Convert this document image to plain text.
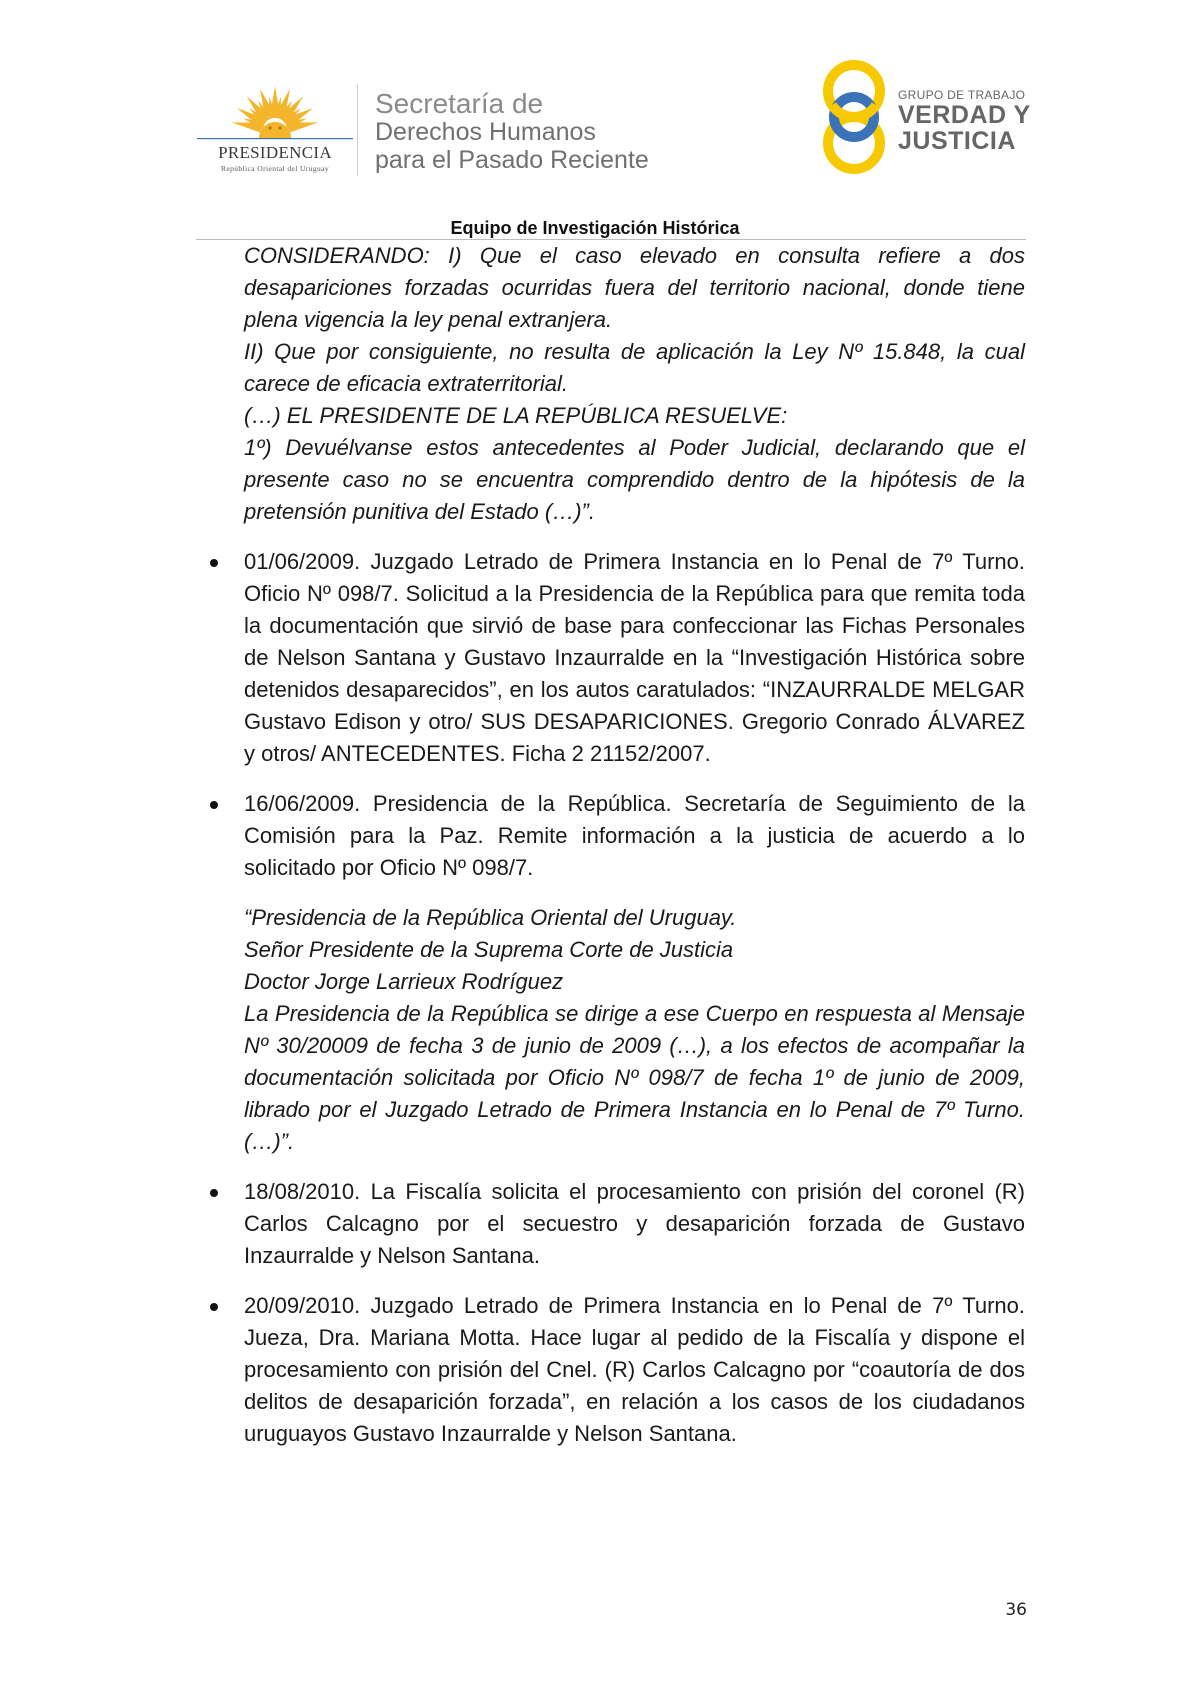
PRESIDENCIA
República Oriental del Uruguay
Secretaría de
Derechos Humanos
para el Pasado Reciente
GRUPO DE TRABAJO
VERDAD Y
JUSTICIA
Equipo de Investigación Histórica

CONSIDERANDO: I) Que el caso elevado en consulta refiere a dos desapariciones forzadas ocurridas fuera del territorio nacional, donde tiene plena vigencia la ley penal extranjera.

II) Que por consiguiente, no resulta de aplicación la Ley Nº 15.848, la cual carece de eficacia extraterritorial.

(…) EL PRESIDENTE DE LA REPÚBLICA RESUELVE:

1º) Devuélvanse estos antecedentes al Poder Judicial, declarando que el presente caso no se encuentra comprendido dentro de la hipótesis de la pretensión punitiva del Estado (…)”.

01/06/2009. Juzgado Letrado de Primera Instancia en lo Penal de 7º Turno. Oficio Nº 098/7. Solicitud a la Presidencia de la República para que remita toda la documentación que sirvió de base para confeccionar las Fichas Personales de Nelson Santana y Gustavo Inzaurralde en la “Investigación Histórica sobre detenidos desaparecidos”, en los autos caratulados: “INZAURRALDE MELGAR Gustavo Edison y otro/ SUS DESAPARICIONES. Gregorio Conrado ÁLVAREZ y otros/ ANTECEDENTES. Ficha 2 21152/2007.

16/06/2009. Presidencia de la República. Secretaría de Seguimiento de la Comisión para la Paz. Remite información a la justicia de acuerdo a lo solicitado por Oficio Nº 098/7.

“Presidencia de la República Oriental del Uruguay.

Señor Presidente de la Suprema Corte de Justicia

Doctor Jorge Larrieux Rodríguez

La Presidencia de la República se dirige a ese Cuerpo en respuesta al Mensaje Nº 30/20009 de fecha 3 de junio de 2009 (…), a los efectos de acompañar la documentación solicitada por Oficio Nº 098/7 de fecha 1º de junio de 2009, librado por el Juzgado Letrado de Primera Instancia en lo Penal de 7º Turno. (…)”.

18/08/2010. La Fiscalía solicita el procesamiento con prisión del coronel (R) Carlos Calcagno por el secuestro y desaparición forzada de Gustavo Inzaurralde y Nelson Santana.

20/09/2010. Juzgado Letrado de Primera Instancia en lo Penal de 7º Turno. Jueza, Dra. Mariana Motta. Hace lugar al pedido de la Fiscalía y dispone el procesamiento con prisión del Cnel. (R) Carlos Calcagno por “coautoría de dos delitos de desaparición forzada”, en relación a los casos de los ciudadanos uruguayos Gustavo Inzaurralde y Nelson Santana.

36
